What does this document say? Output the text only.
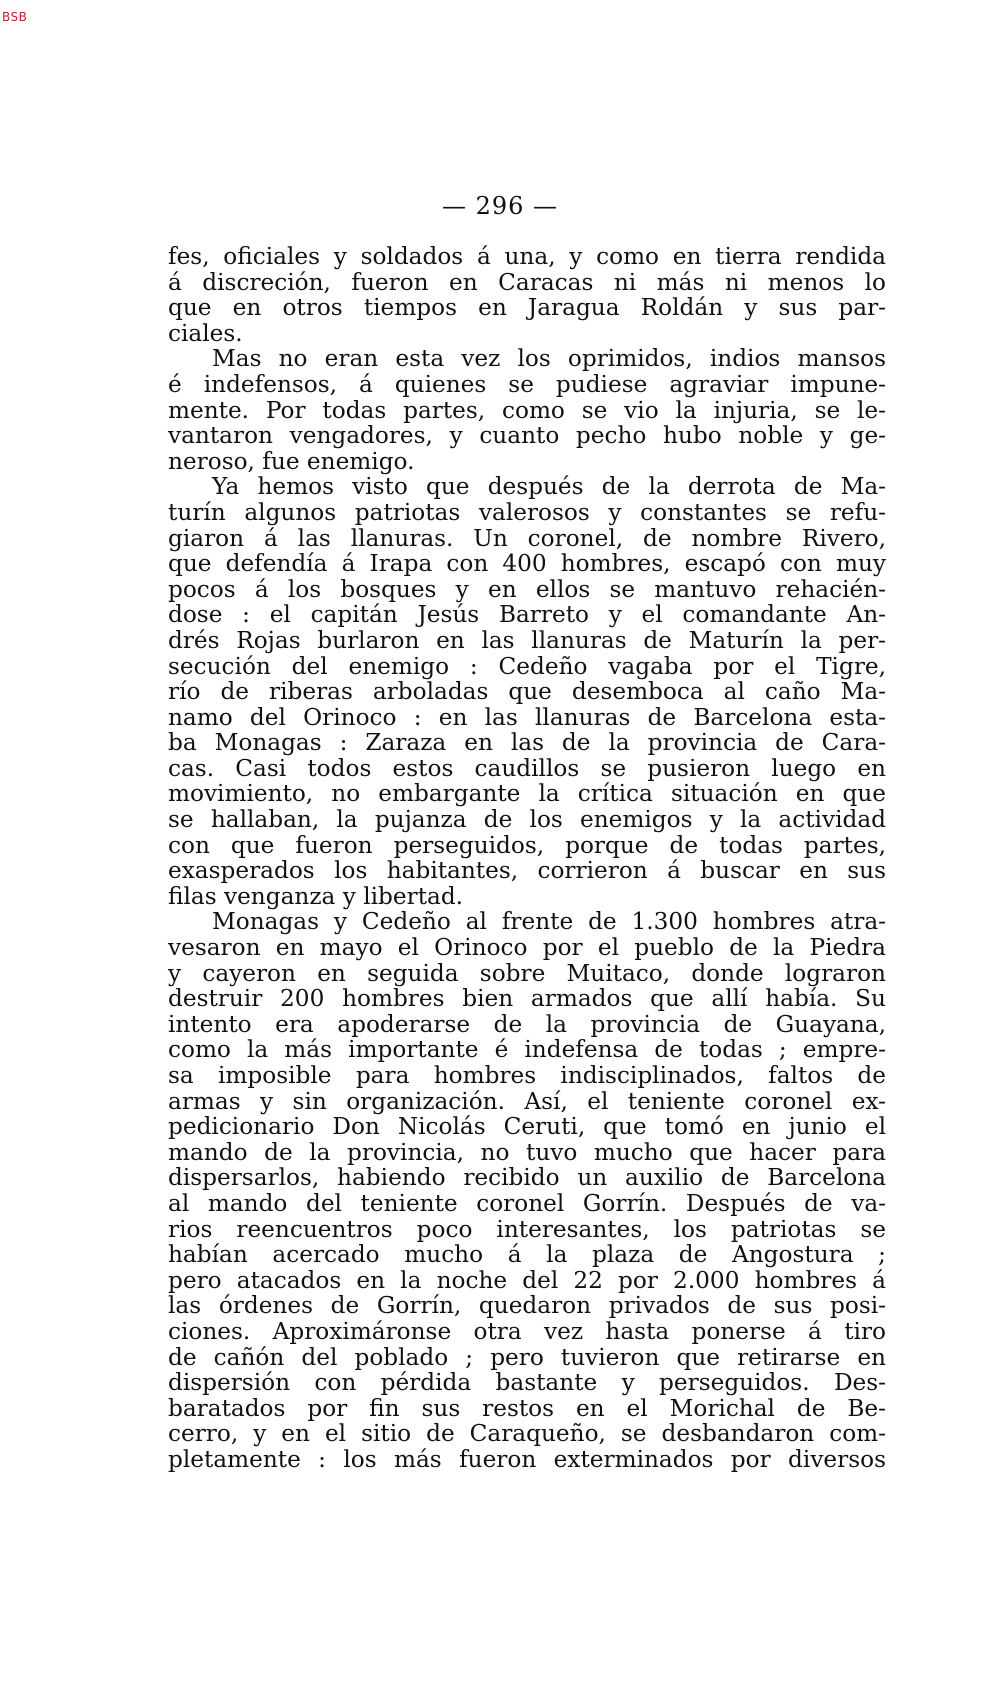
BSB
— 296 —
fes, oficiales y soldados á una, y como en tierra rendida
á discreción, fueron en Caracas ni más ni menos lo
que en otros tiempos en Jaragua Roldán y sus par-
ciales.
Mas no eran esta vez los oprimidos, indios mansos
é indefensos, á quienes se pudiese agraviar impune-
mente. Por todas partes, como se vio la injuria, se le-
vantaron vengadores, y cuanto pecho hubo noble y ge-
neroso, fue enemigo.
Ya hemos visto que después de la derrota de Ma-
turín algunos patriotas valerosos y constantes se refu-
giaron á las llanuras. Un coronel, de nombre Rivero,
que defendía á Irapa con 400 hombres, escapó con muy
pocos á los bosques y en ellos se mantuvo rehacién-
dose : el capitán Jesús Barreto y el comandante An-
drés Rojas burlaron en las llanuras de Maturín la per-
secución del enemigo : Cedeño vagaba por el Tigre,
río de riberas arboladas que desemboca al caño Ma-
namo del Orinoco : en las llanuras de Barcelona esta-
ba Monagas : Zaraza en las de la provincia de Cara-
cas. Casi todos estos caudillos se pusieron luego en
movimiento, no embargante la crítica situación en que
se hallaban, la pujanza de los enemigos y la actividad
con que fueron perseguidos, porque de todas partes,
exasperados los habitantes, corrieron á buscar en sus
filas venganza y libertad.
Monagas y Cedeño al frente de 1.300 hombres atra-
vesaron en mayo el Orinoco por el pueblo de la Piedra
y cayeron en seguida sobre Muitaco, donde lograron
destruir 200 hombres bien armados que allí había. Su
intento era apoderarse de la provincia de Guayana,
como la más importante é indefensa de todas ; empre-
sa imposible para hombres indisciplinados, faltos de
armas y sin organización. Así, el teniente coronel ex-
pedicionario Don Nicolás Ceruti, que tomó en junio el
mando de la provincia, no tuvo mucho que hacer para
dispersarlos, habiendo recibido un auxilio de Barcelona
al mando del teniente coronel Gorrín. Después de va-
rios reencuentros poco interesantes, los patriotas se
habían acercado mucho á la plaza de Angostura ;
pero atacados en la noche del 22 por 2.000 hombres á
las órdenes de Gorrín, quedaron privados de sus posi-
ciones. Aproximáronse otra vez hasta ponerse á tiro
de cañón del poblado ; pero tuvieron que retirarse en
dispersión con pérdida bastante y perseguidos. Des-
baratados por fin sus restos en el Morichal de Be-
cerro, y en el sitio de Caraqueño, se desbandaron com-
pletamente : los más fueron exterminados por diversos
